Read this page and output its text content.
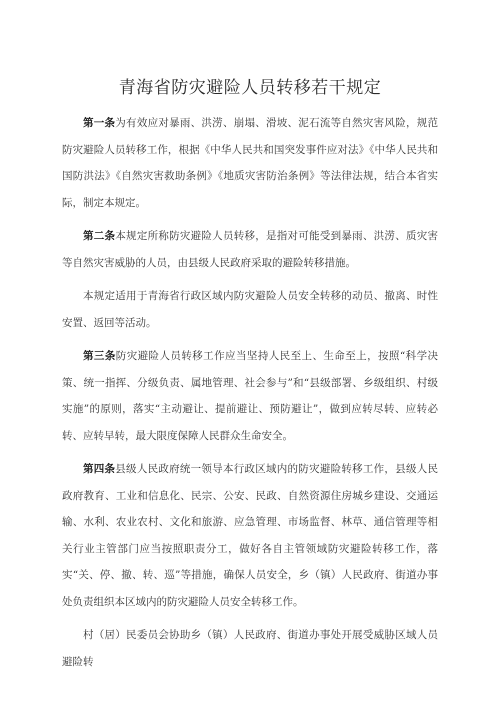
青海省防灾避险人员转移若干规定

第一条为有效应对暴雨、洪涝、崩塌、滑坡、泥石流等自然灾害风险，规范防灾避险人员转移工作，根据《中华人民共和国突发事件应对法》《中华人民共和国防洪法》《自然灾害救助条例》《地质灾害防治条例》等法律法规，结合本省实际，制定本规定。

第二条本规定所称防灾避险人员转移，是指对可能受到暴雨、洪涝、质灾害等自然灾害威胁的人员，由县级人民政府采取的避险转移措施。

本规定适用于青海省行政区域内防灾避险人员安全转移的动员、撤离、时性安置、返回等活动。

第三条防灾避险人员转移工作应当坚持人民至上、生命至上，按照“科学决策、统一指挥、分级负责、属地管理、社会参与”和“县级部署、乡级组织、村级实施”的原则，落实“主动避让、提前避让、预防避让”，做到应转尽转、应转必转、应转早转，最大限度保障人民群众生命安全。

第四条县级人民政府统一领导本行政区域内的防灾避险转移工作，县级人民政府教育、工业和信息化、民宗、公安、民政、自然资源住房城乡建设、交通运输、水利、农业农村、文化和旅游、应急管理、市场监督、林草、通信管理等相关行业主管部门应当按照职责分工，做好各自主管领域防灾避险转移工作，落实“关、停、撤、转、巡”等措施，确保人员安全，乡（镇）人民政府、街道办事处负责组织本区域内的防灾避险人员安全转移工作。

村（居）民委员会协助乡（镇）人民政府、街道办事处开展受威胁区域人员避险转
